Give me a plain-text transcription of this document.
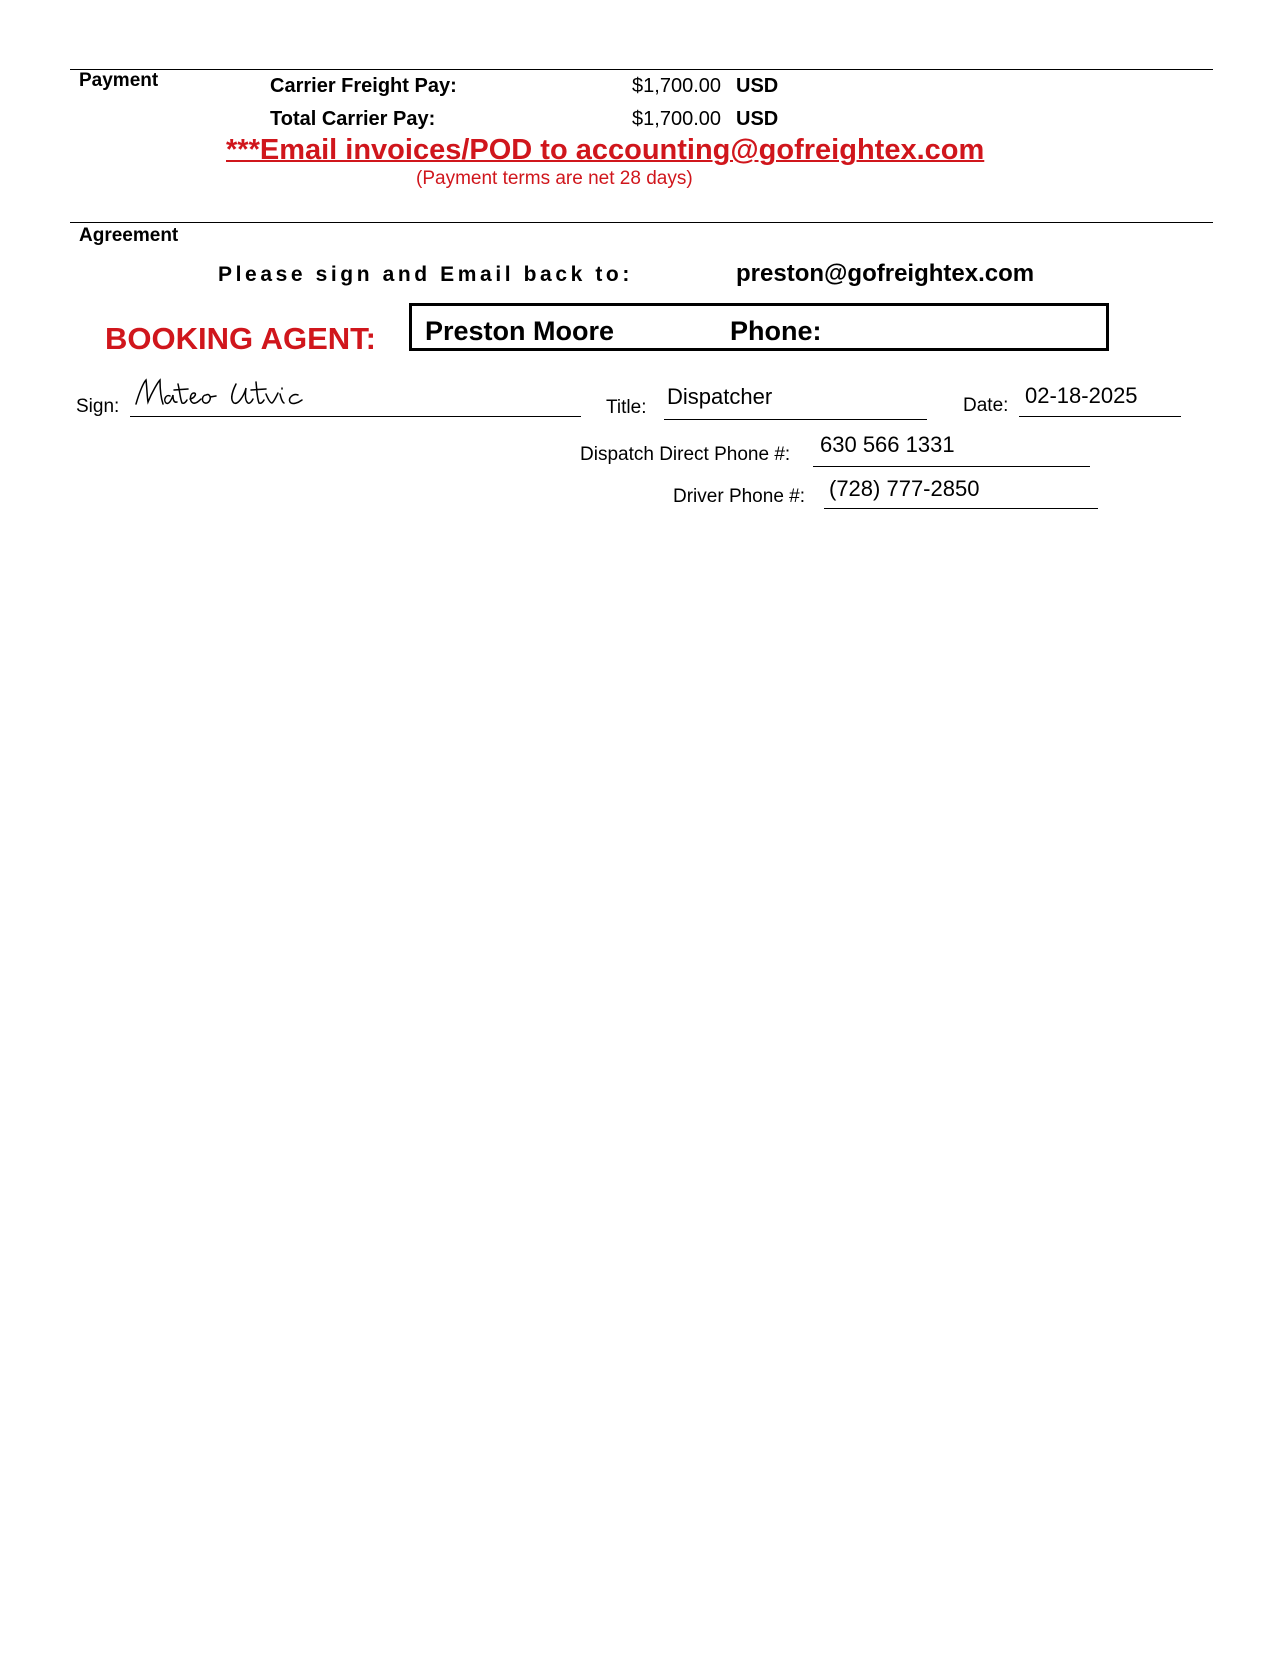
Payment	Carrier Freight Pay:	$1,700.00 USD
Total Carrier Pay:	$1,700.00 USD
***Email invoices/POD to accounting@gofreightex.com
(Payment terms are net 28 days)
Agreement
Please sign and Email back to:	preston@gofreightex.com
BOOKING AGENT: Preston Moore	Phone:
Sign:	Title: Dispatcher	Date: 02-18-2025
Dispatch Direct Phone #: 630 566 1331
Driver Phone #: (728) 777-2850
